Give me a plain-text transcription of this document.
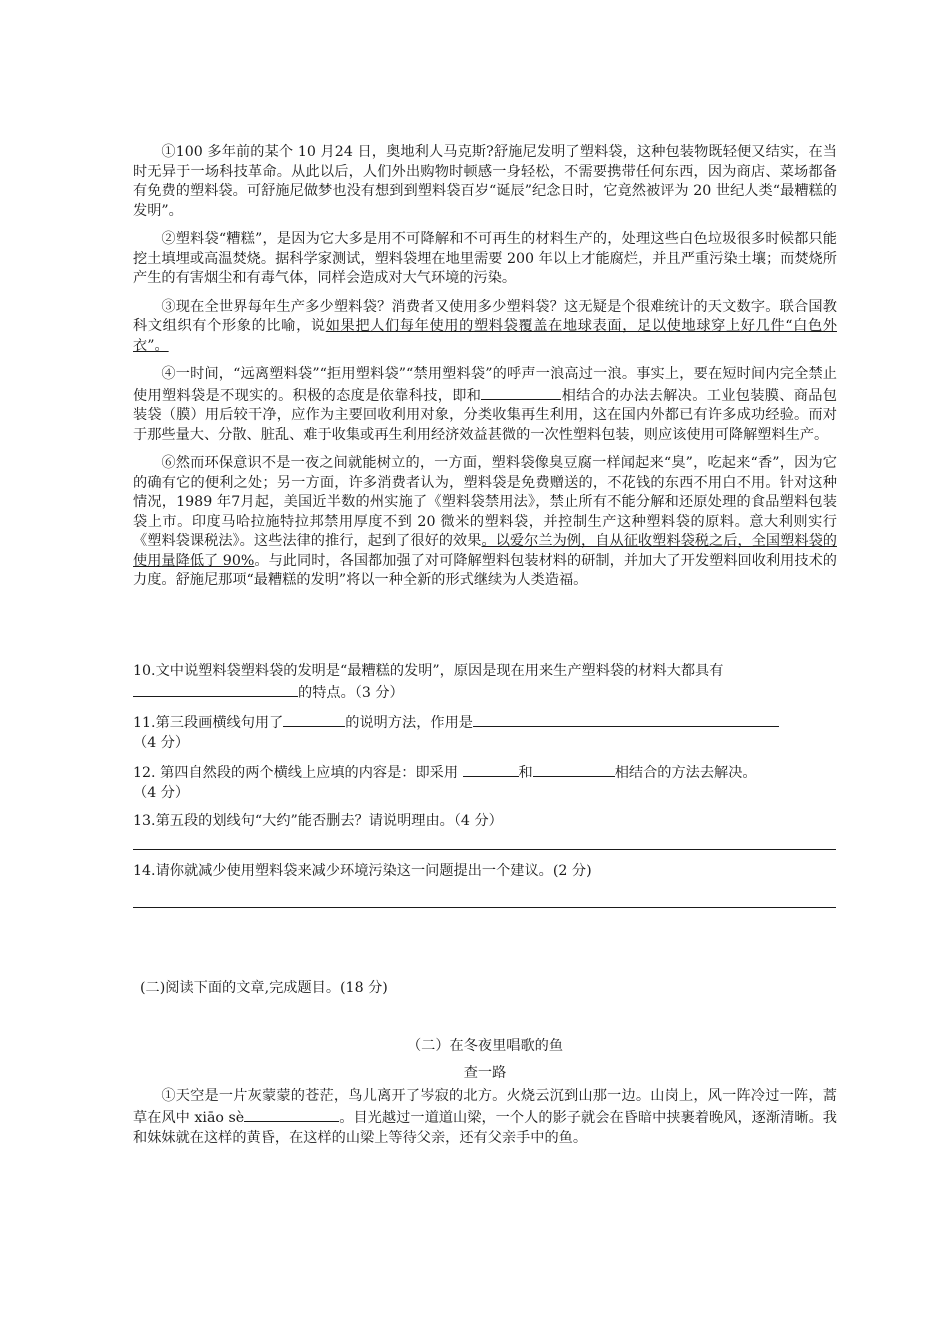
①100 多年前的某个 10 月24 日，奥地利人马克斯?舒施尼发明了塑料袋，这种包装物既轻便又结实，在当时无异于一场科技革命。从此以后，人们外出购物时顿感一身轻松，不需要携带任何东西，因为商店、菜场都备有免费的塑料袋。可舒施尼做梦也没有想到到塑料袋百岁“诞辰”纪念日时，它竟然被评为 20 世纪人类“最糟糕的发明”。

②塑料袋“糟糕”，是因为它大多是用不可降解和不可再生的材料生产的，处理这些白色垃圾很多时候都只能挖土填埋或高温焚烧。据科学家测试，塑料袋埋在地里需要 200 年以上才能腐烂，并且严重污染土壤；而焚烧所产生的有害烟尘和有毒气体，同样会造成对大气环境的污染。

③现在全世界每年生产多少塑料袋？消费者又使用多少塑料袋？这无疑是个很难统计的天文数字。联合国教科文组织有个形象的比喻，说如果把人们每年使用的塑料袋覆盖在地球表面，足以使地球穿上好几件“白色外衣”。

④一时间，“远离塑料袋”“拒用塑料袋”“禁用塑料袋”的呼声一浪高过一浪。事实上，要在短时间内完全禁止使用塑料袋是不现实的。积极的态度是依靠科技，即和	相结合的办法去解决。工业包装膜、商品包装袋（膜）用后较干净，应作为主要回收利用对象，分类收集再生利用，这在国内外都已有许多成功经验。而对于那些量大、分散、脏乱、难于收集或再生利用经济效益甚微的一次性塑料包装，则应该使用可降解塑料生产。

⑥然而环保意识不是一夜之间就能树立的，一方面，塑料袋像臭豆腐一样闻起来“臭”，吃起来“香”，因为它的确有它的便利之处；另一方面，许多消费者认为，塑料袋是免费赠送的，不花钱的东西不用白不用。针对这种情况，1989 年7月起，美国近半数的州实施了《塑料袋禁用法》，禁止所有不能分解和还原处理的食品塑料包装袋上市。印度马哈拉施特拉邦禁用厚度不到 20 微米的塑料袋，并控制生产这种塑料袋的原料。意大利则实行《塑料袋课税法》。这些法律的推行，起到了很好的效果。以爱尔兰为例，自从征收塑料袋税之后，全国塑料袋的使用量降低了 90%。与此同时，各国都加强了对可降解塑料包装材料的研制，并加大了开发塑料回收利用技术的力度。舒施尼那项“最糟糕的发明”将以一种全新的形式继续为人类造福。

10.文中说塑料袋塑料袋的发明是“最糟糕的发明”，原因是现在用来生产塑料袋的材料大都具有的特点。（3 分）
11.第三段画横线句用了	的说明方法，作用是
（4 分）
12. 第四自然段的两个横线上应填的内容是：即采用	和	相结合的方法去解决。
（4 分）
13.第五段的划线句“大约”能否删去？请说明理由。（4 分）
14.请你就减少使用塑料袋来减少环境污染这一问题提出一个建议。(2 分)
(二)阅读下面的文章,完成题目。(18 分)
（二）在冬夜里唱歌的鱼
查一路

①天空是一片灰蒙蒙的苍茫，鸟儿离开了岑寂的北方。火烧云沉到山那一边。山岗上，风一阵冷过一阵，蒿草在风中 xiāo sè	。目光越过一道道山梁，一个人的影子就会在昏暗中挟裹着晚风，逐渐清晰。我和妹妹就在这样的黄昏，在这样的山梁上等待父亲，还有父亲手中的鱼。
